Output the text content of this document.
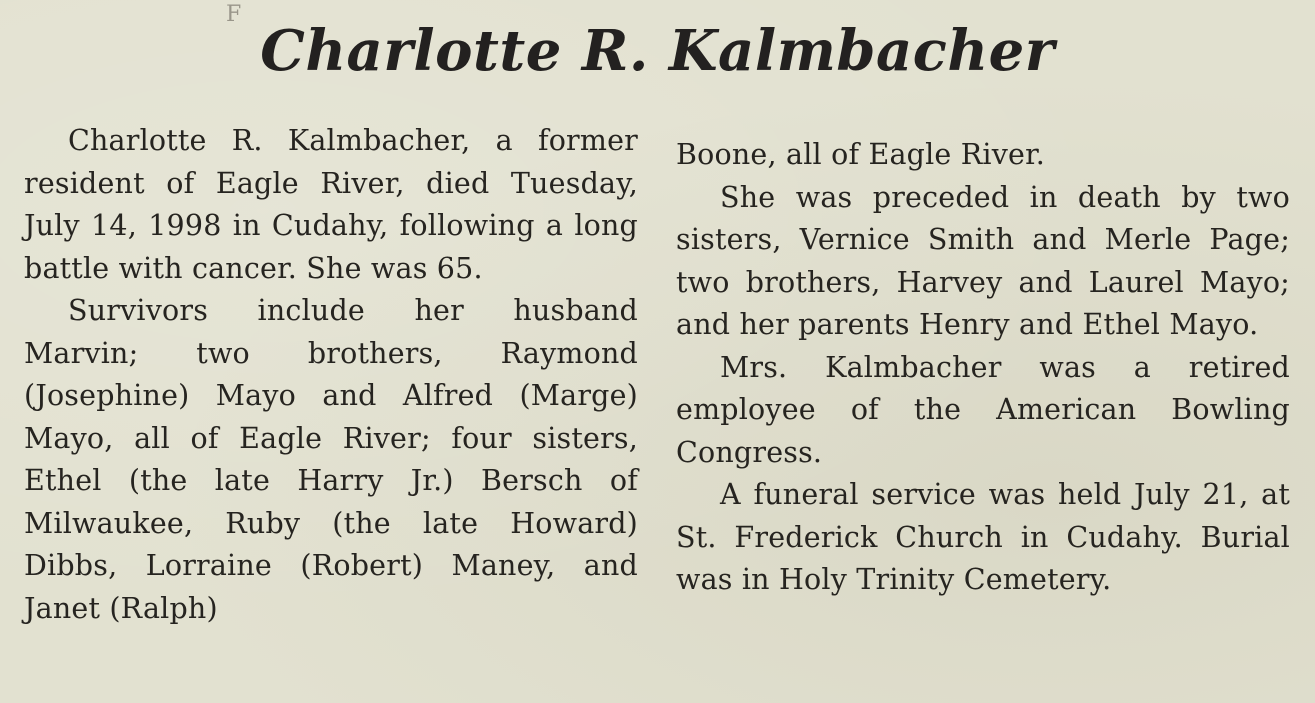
F
Charlotte R. Kalmbacher

Charlotte R. Kalmbacher, a former resident of Eagle River, died Tuesday, July 14, 1998 in Cudahy, following a long battle with cancer. She was 65.

Survivors include her husband Marvin; two brothers, Raymond (Josephine) Mayo and Alfred (Marge) Mayo, all of Eagle River; four sisters, Ethel (the late Harry Jr.) Bersch of Milwaukee, Ruby (the late Howard) Dibbs, Lorraine (Robert) Maney, and Janet (Ralph)

Boone, all of Eagle River.

She was preceded in death by two sisters, Vernice Smith and Merle Page; two brothers, Harvey and Laurel Mayo; and her parents Henry and Ethel Mayo.

Mrs. Kalmbacher was a retired employee of the American Bowling Congress.

A funeral service was held July 21, at St. Frederick Church in Cudahy. Burial was in Holy Trinity Cemetery.
